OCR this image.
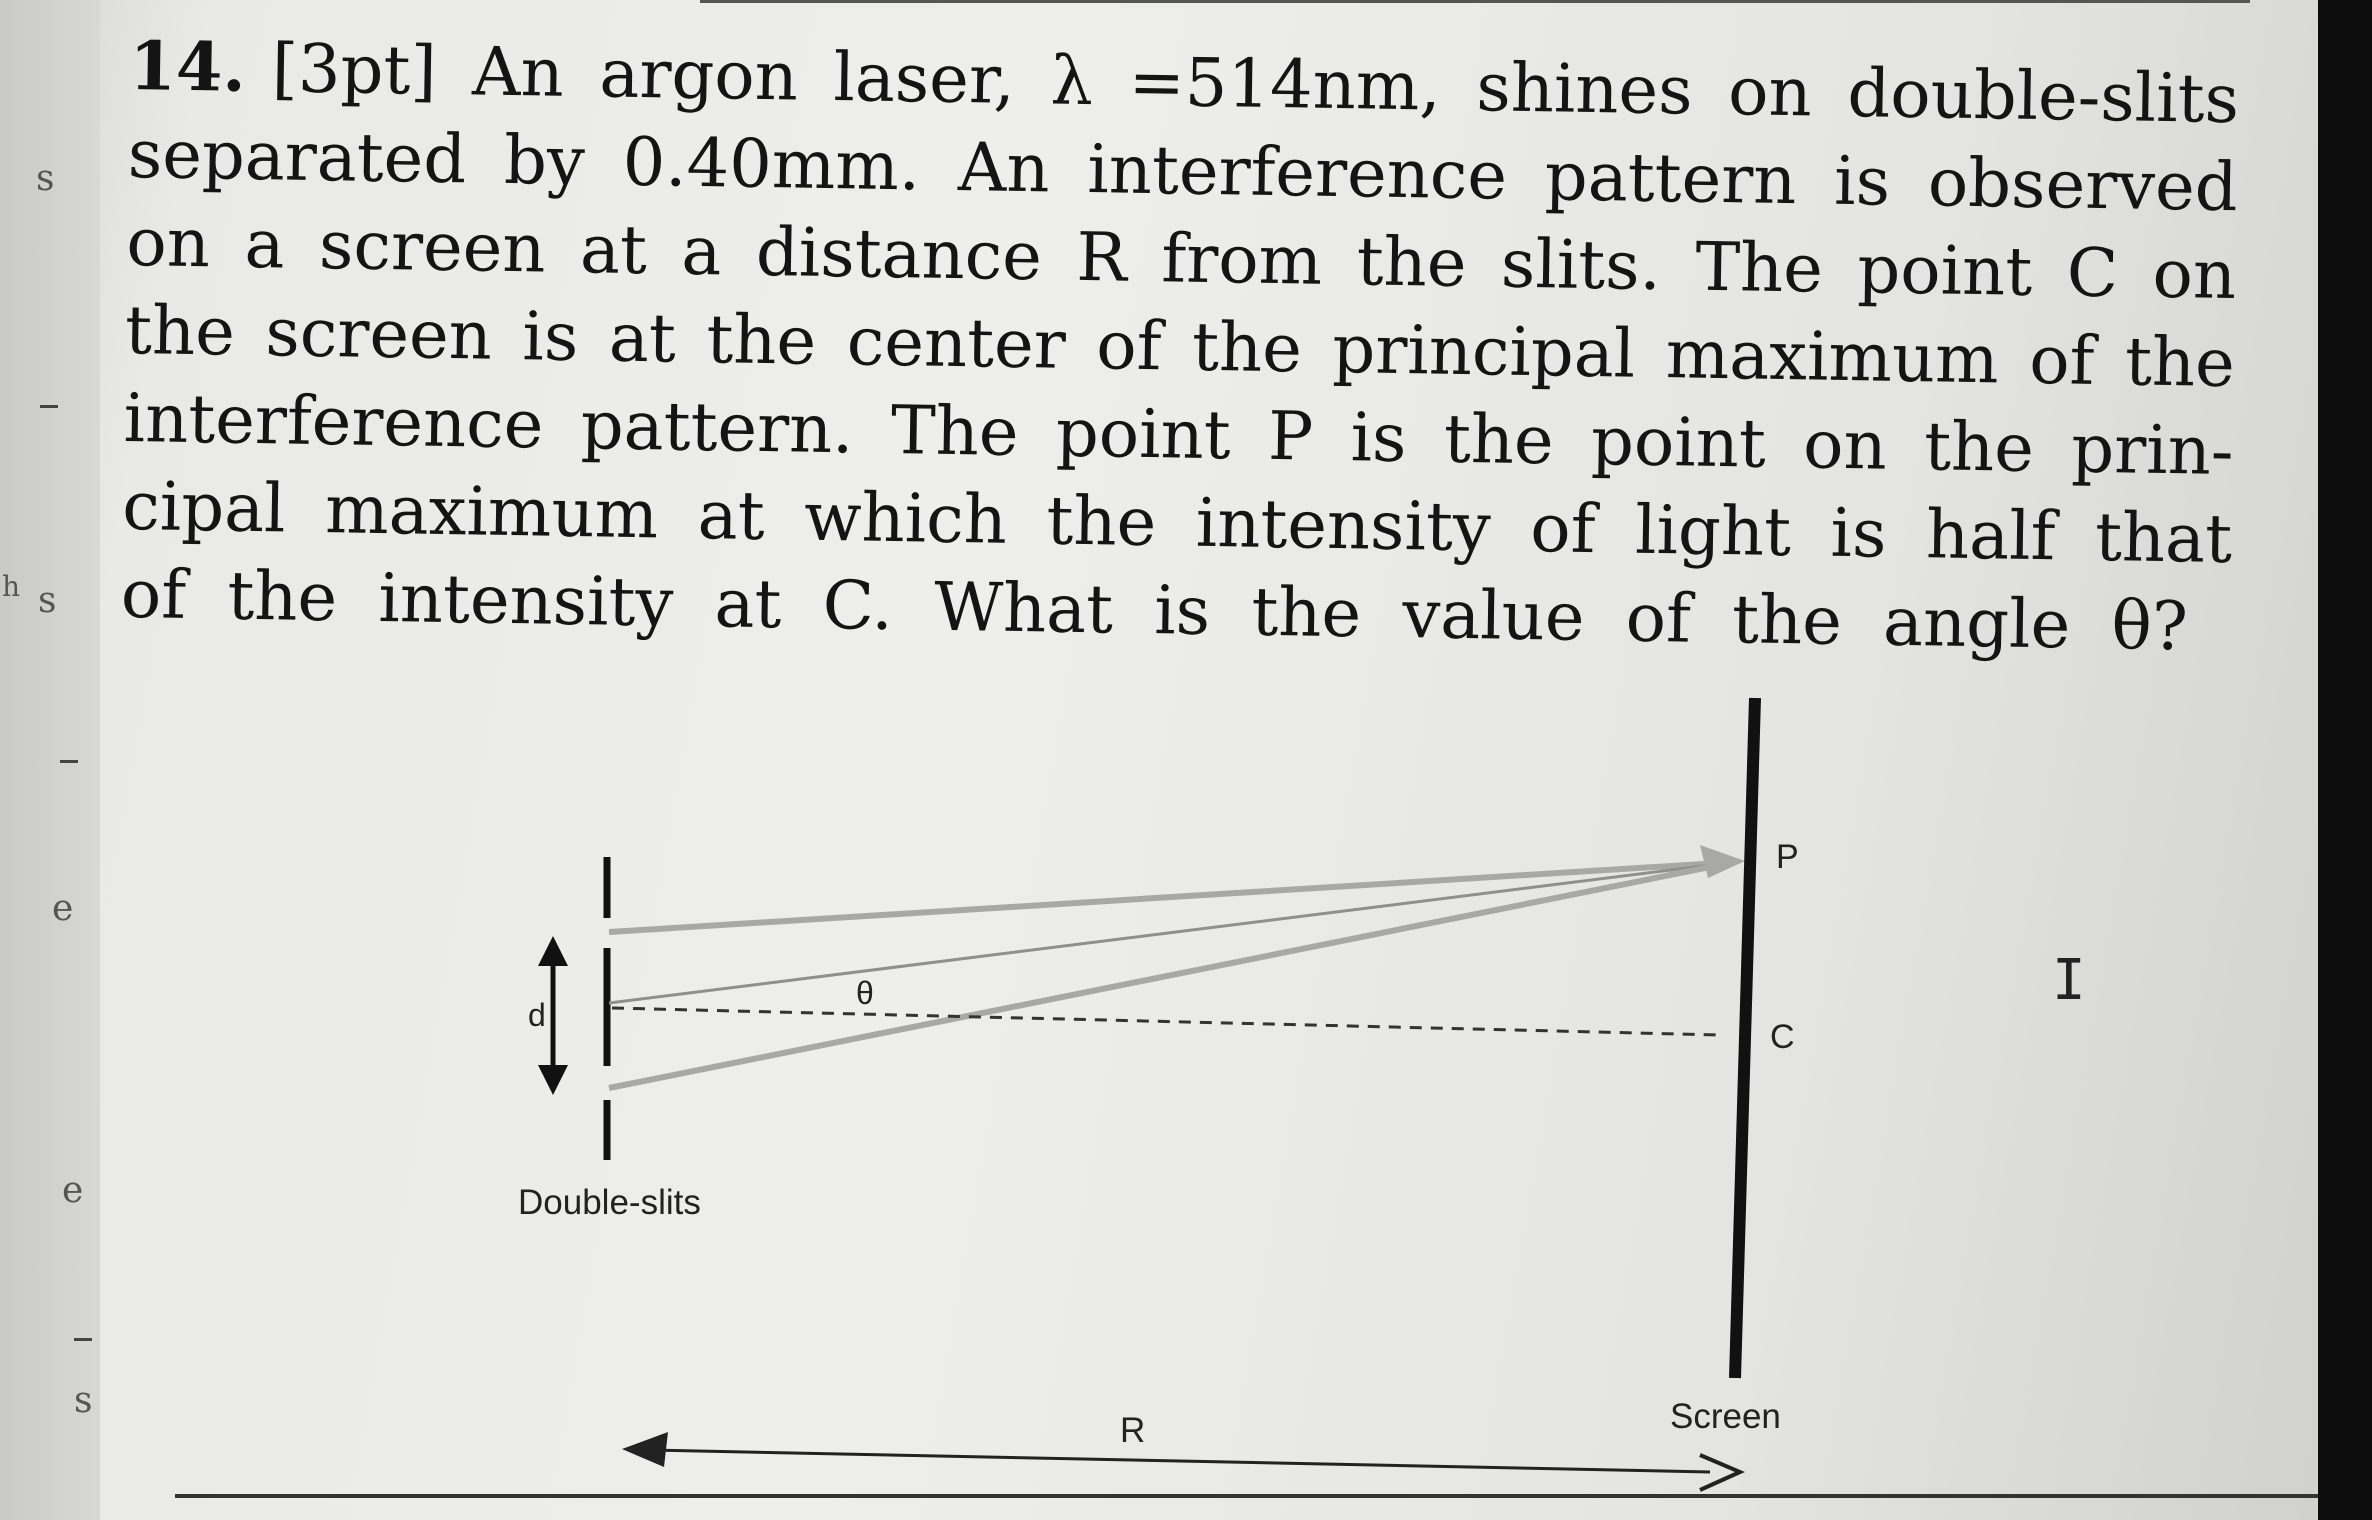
s
s
h
e
e
s
14. [3pt] An argon laser, λ =514nm, shines on double-slits
separated by 0.40mm. An interference pattern is observed
on a screen at a distance R from the slits. The point C on
the screen is at the center of the principal maximum of the
interference pattern. The point P is the point on the prin-
cipal maximum at which the intensity of light is half that
of the intensity at C. What is the value of the angle θ?
d
θ
P
C
Double-slits
Screen
R
I
